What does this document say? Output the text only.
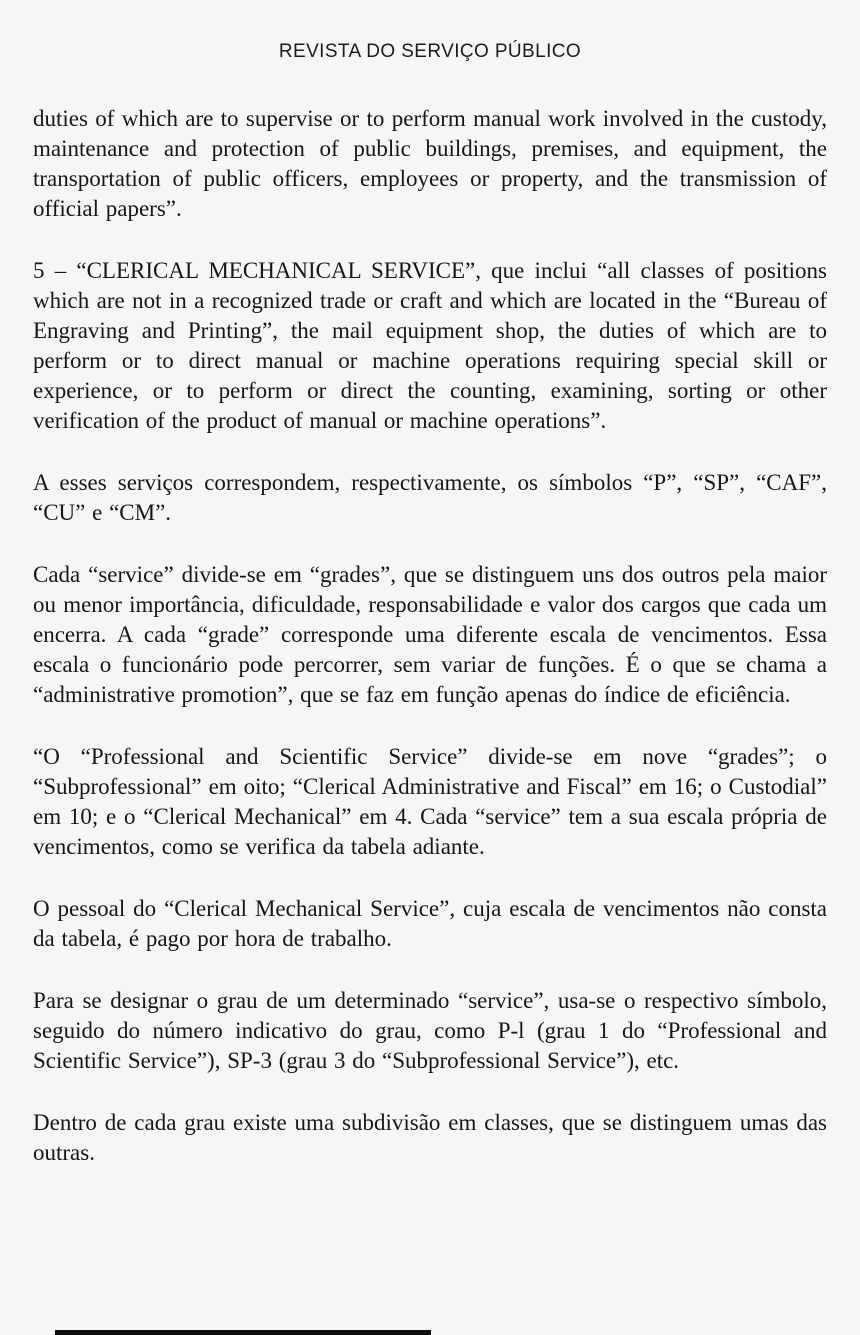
REVISTA DO SERVIÇO PÚBLICO

duties of which are to supervise or to perform manual work involved in the custody, maintenance and protection of public buildings, premises, and equipment, the transportation of public officers, employees or property, and the transmission of official papers”.

5 – “CLERICAL MECHANICAL SERVICE”, que inclui “all classes of positions which are not in a recognized trade or craft and which are located in the “Bureau of Engraving and Printing”, the mail equipment shop, the duties of which are to perform or to direct manual or machine operations requiring special skill or experience, or to perform or direct the counting, examining, sorting or other verification of the product of manual or machine operations”.

A esses serviços correspondem, respectivamente, os símbolos “P”, “SP”, “CAF”, “CU” e “CM”.

Cada “service” divide-se em “grades”, que se distinguem uns dos outros pela maior ou menor importância, dificuldade, responsabilidade e valor dos cargos que cada um encerra. A cada “grade” corresponde uma diferente escala de vencimentos. Essa escala o funcionário pode percorrer, sem variar de funções. É o que se chama a “administrative promotion”, que se faz em função apenas do índice de eficiência.

“O “Professional and Scientific Service” divide-se em nove “grades”; o “Subprofessional” em oito; “Clerical Administrative and Fiscal” em 16; o Custodial” em 10; e o “Clerical Mechanical” em 4. Cada “service” tem a sua escala própria de vencimentos, como se verifica da tabela adiante.

O pessoal do “Clerical Mechanical Service”, cuja escala de vencimentos não consta da tabela, é pago por hora de trabalho.

Para se designar o grau de um determinado “service”, usa-se o respectivo símbolo, seguido do número indicativo do grau, como P-l (grau 1 do “Professional and Scientific Service”), SP-3 (grau 3 do “Subprofessional Service”), etc.

Dentro de cada grau existe uma subdivisão em classes, que se distinguem umas das outras.
